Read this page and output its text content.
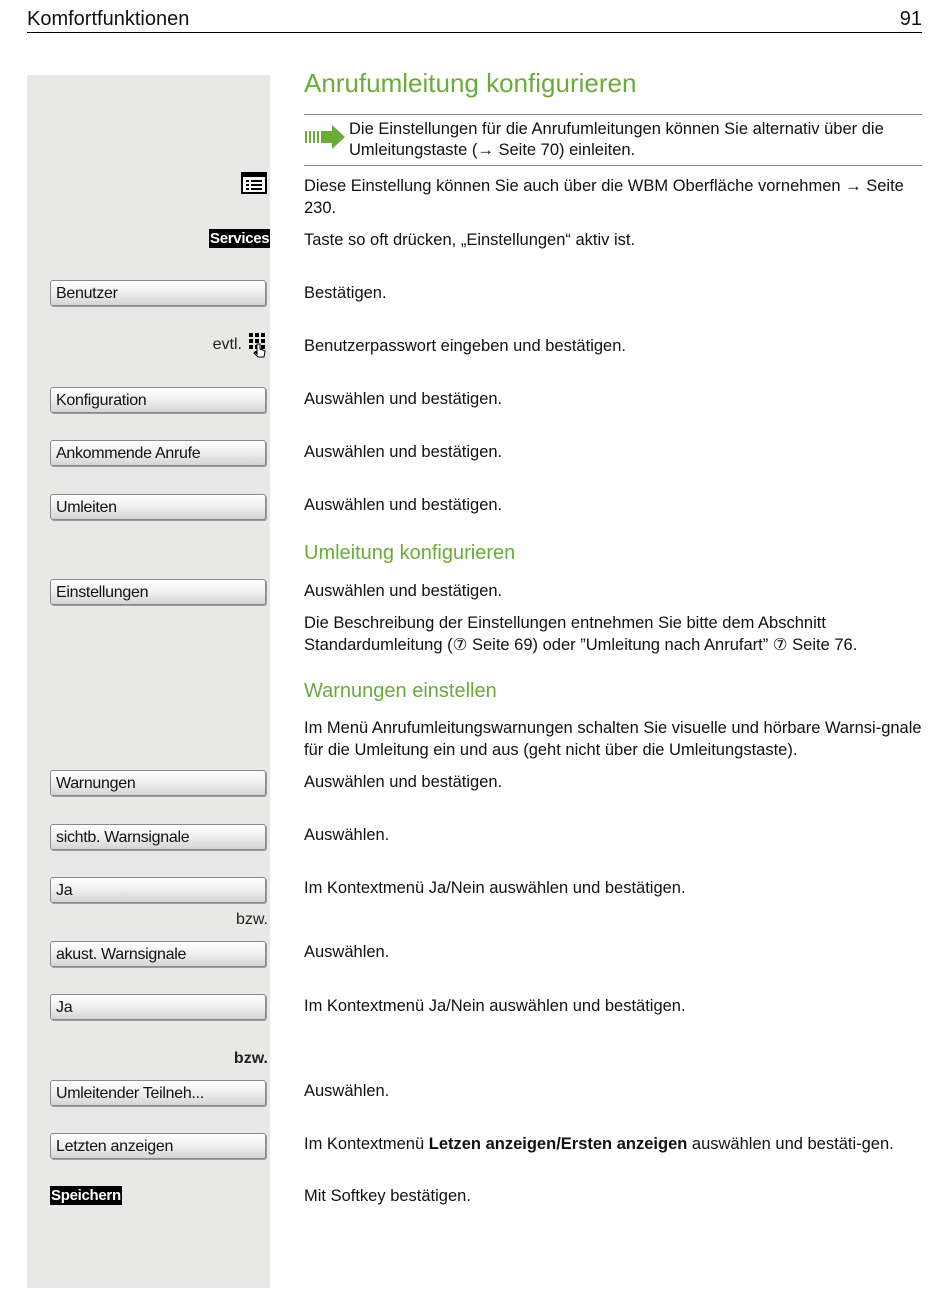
Komfortfunktionen	91
Anrufumleitung konfigurieren
Die Einstellungen für die Anrufumleitungen können Sie alternativ über die Umleitungstaste (→ Seite 70) einleiten.
Diese Einstellung können Sie auch über die WBM Oberfläche vornehmen → Seite 230.
Services Taste so oft drücken, „Einstellungen“ aktiv ist.
Benutzer	Bestätigen.
evtl.	Benutzerpasswort eingeben und bestätigen.
Konfiguration	Auswählen und bestätigen.
Ankommende Anrufe	Auswählen und bestätigen.
Umleiten	Auswählen und bestätigen.
Umleitung konfigurieren
Einstellungen	Auswählen und bestätigen.
Die Beschreibung der Einstellungen entnehmen Sie bitte dem Abschnitt Standardumleitung (⑦ Seite 69) oder ”Umleitung nach Anrufart” ⑦ Seite 76.
Warnungen einstellen
Im Menü Anrufumleitungswarnungen schalten Sie visuelle und hörbare Warnsi-gnale für die Umleitung ein und aus (geht nicht über die Umleitungstaste).
Warnungen	Auswählen und bestätigen.
sichtb. Warnsignale	Auswählen.
Ja	Im Kontextmenü Ja/Nein auswählen und bestätigen.
bzw.
akust. Warnsignale	Auswählen.
Ja	Im Kontextmenü Ja/Nein auswählen und bestätigen.
bzw.
Umleitender Teilneh...	Auswählen.
Letzten anzeigen	Im Kontextmenü Letzen anzeigen/Ersten anzeigen auswählen und bestäti-gen.
Speichern	Mit Softkey bestätigen.
